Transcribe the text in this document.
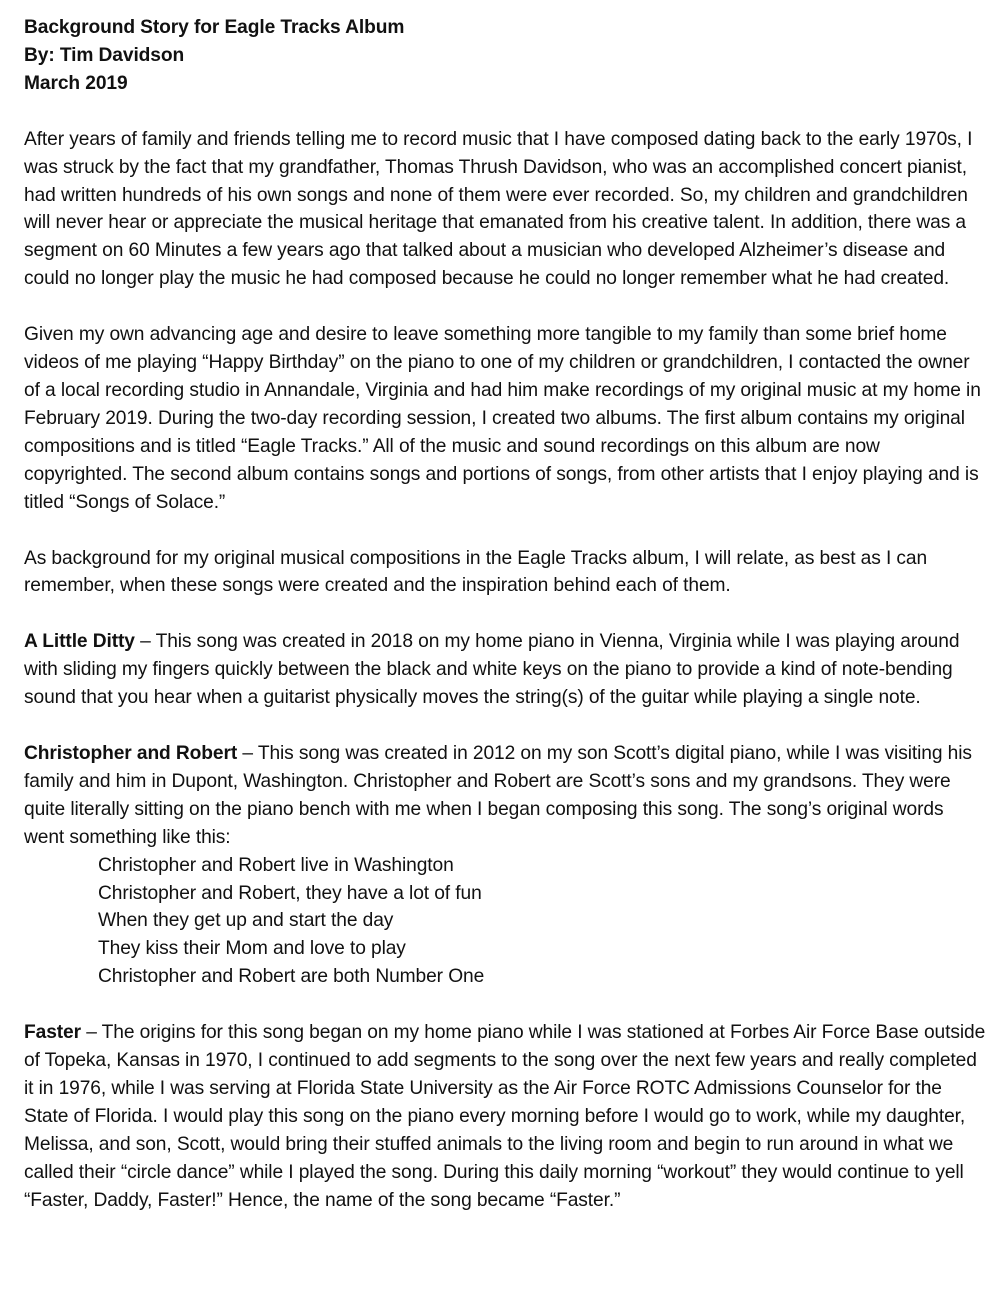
Background Story for Eagle Tracks Album

By: Tim Davidson

March 2019

After years of family and friends telling me to record music that I have composed dating back to the early 1970s, I was struck by the fact that my grandfather, Thomas Thrush Davidson, who was an accomplished concert pianist, had written hundreds of his own songs and none of them were ever recorded. So, my children and grandchildren will never hear or appreciate the musical heritage that emanated from his creative talent. In addition, there was a segment on 60 Minutes a few years ago that talked about a musician who developed Alzheimer’s disease and could no longer play the music he had composed because he could no longer remember what he had created.

Given my own advancing age and desire to leave something more tangible to my family than some brief home videos of me playing “Happy Birthday” on the piano to one of my children or grandchildren, I contacted the owner of a local recording studio in Annandale, Virginia and had him make recordings of my original music at my home in February 2019. During the two-day recording session, I created two albums. The first album contains my original compositions and is titled “Eagle Tracks.” All of the music and sound recordings on this album are now copyrighted. The second album contains songs and portions of songs, from other artists that I enjoy playing and is titled “Songs of Solace.”

As background for my original musical compositions in the Eagle Tracks album, I will relate, as best as I can remember, when these songs were created and the inspiration behind each of them.

A Little Ditty – This song was created in 2018 on my home piano in Vienna, Virginia while I was playing around with sliding my fingers quickly between the black and white keys on the piano to provide a kind of note-bending sound that you hear when a guitarist physically moves the string(s) of the guitar while playing a single note.

Christopher and Robert – This song was created in 2012 on my son Scott’s digital piano, while I was visiting his family and him in Dupont, Washington. Christopher and Robert are Scott’s sons and my grandsons. They were quite literally sitting on the piano bench with me when I began composing this song. The song’s original words went something like this:

Christopher and Robert live in Washington
Christopher and Robert, they have a lot of fun
When they get up and start the day
They kiss their Mom and love to play
Christopher and Robert are both Number One

Faster – The origins for this song began on my home piano while I was stationed at Forbes Air Force Base outside of Topeka, Kansas in 1970, I continued to add segments to the song over the next few years and really completed it in 1976, while I was serving at Florida State University as the Air Force ROTC Admissions Counselor for the State of Florida. I would play this song on the piano every morning before I would go to work, while my daughter, Melissa, and son, Scott, would bring their stuffed animals to the living room and begin to run around in what we called their “circle dance” while I played the song. During this daily morning “workout” they would continue to yell “Faster, Daddy, Faster!” Hence, the name of the song became “Faster.”
